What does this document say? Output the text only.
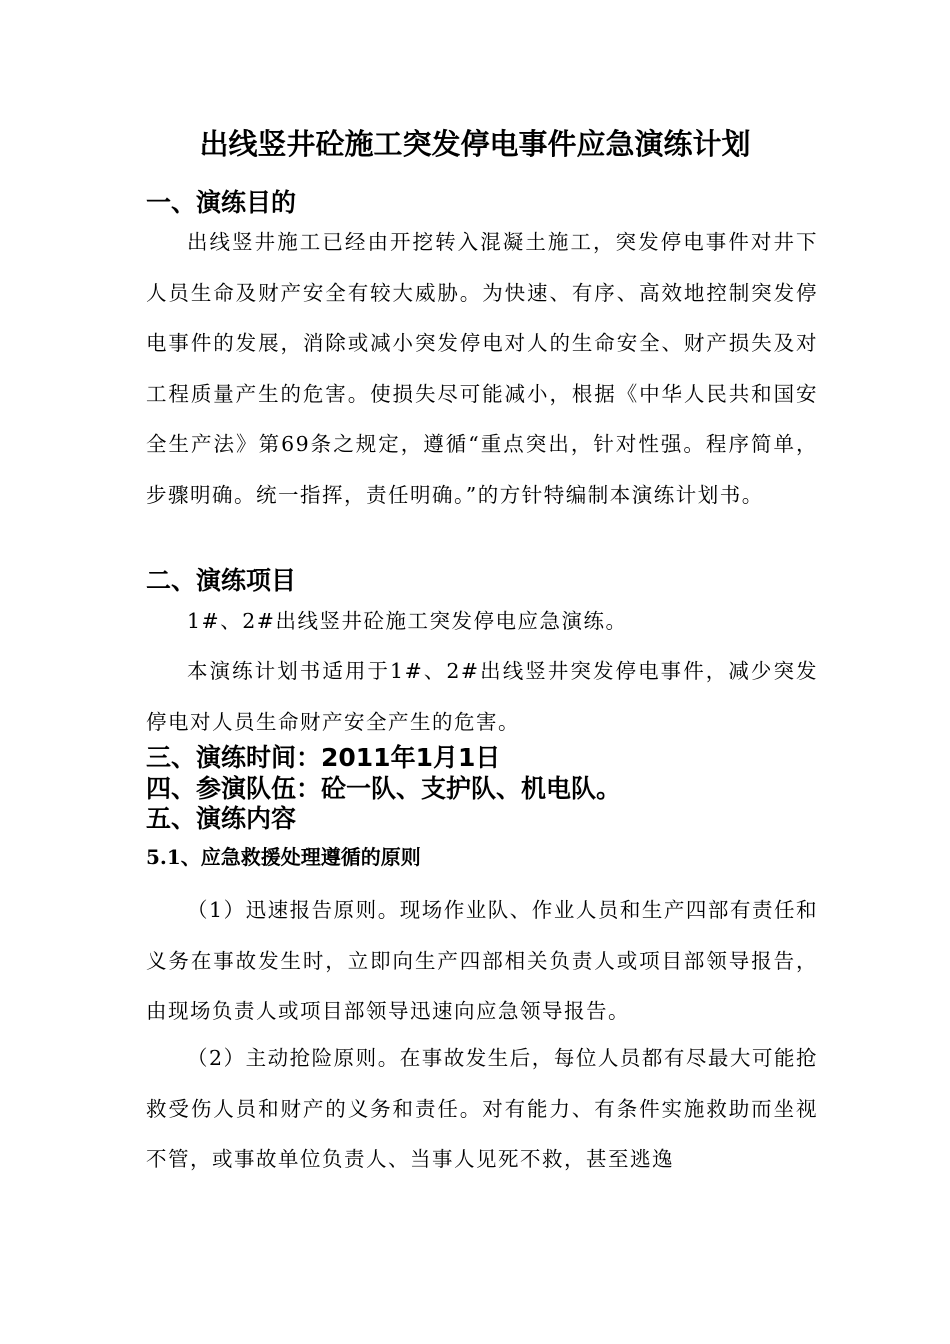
出线竖井砼施工突发停电事件应急演练计划
一、演练目的
出线竖井施工已经由开挖转入混凝土施工，突发停电事件对井下人员生命及财产安全有较大威胁。为快速、有序、高效地控制突发停电事件的发展，消除或减小突发停电对人的生命安全、财产损失及对工程质量产生的危害。使损失尽可能减小，根据《中华人民共和国安全生产法》第69条之规定，遵循“重点突出，针对性强。程序简单，步骤明确。统一指挥，责任明确。”的方针特编制本演练计划书。
二、演练项目
1#、2#出线竖井砼施工突发停电应急演练。
本演练计划书适用于1#、2#出线竖井突发停电事件，减少突发停电对人员生命财产安全产生的危害。
三、演练时间：2011年1月1日
四、参演队伍：砼一队、支护队、机电队。
五、演练内容
5.1、应急救援处理遵循的原则
（1）迅速报告原则。现场作业队、作业人员和生产四部有责任和义务在事故发生时，立即向生产四部相关负责人或项目部领导报告，由现场负责人或项目部领导迅速向应急领导报告。
（2）主动抢险原则。在事故发生后，每位人员都有尽最大可能抢救受伤人员和财产的义务和责任。对有能力、有条件实施救助而坐视不管，或事故单位负责人、当事人见死不救，甚至逃逸
